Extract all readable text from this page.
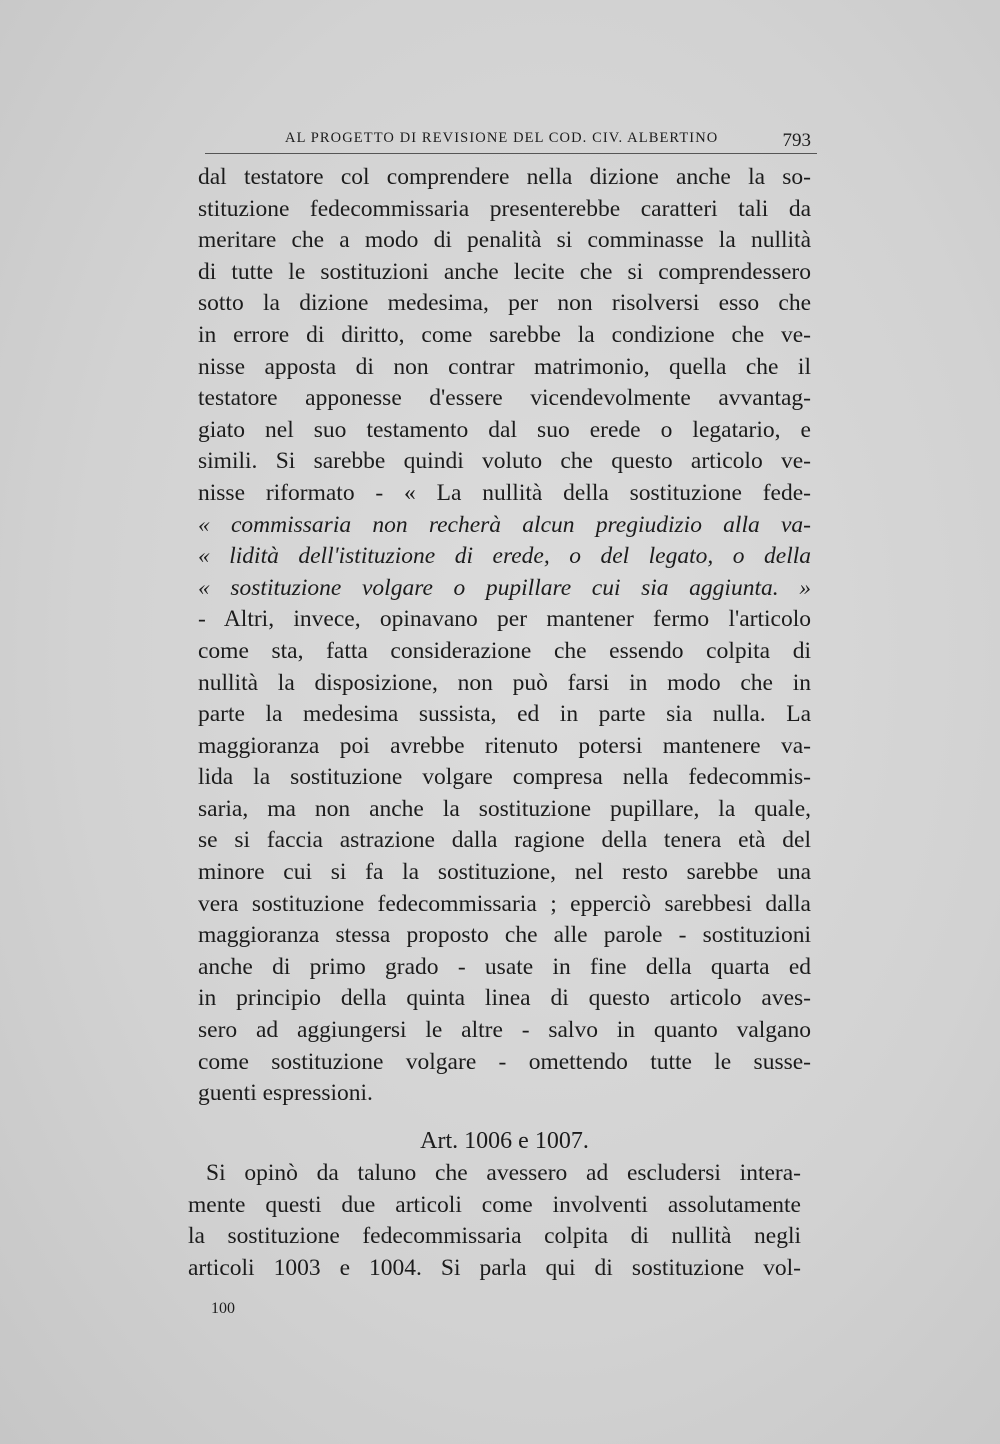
AL PROGETTO DI REVISIONE DEL COD. CIV. ALBERTINO	793
dal testatore col comprendere nella dizione anche la so-
stituzione fedecommissaria presenterebbe caratteri tali da
meritare che a modo di penalità si comminasse la nullità
di tutte le sostituzioni anche lecite che si comprendessero
sotto la dizione medesima, per non risolversi esso che
in errore di diritto, come sarebbe la condizione che ve-
nisse apposta di non contrar matrimonio, quella che il
testatore apponesse d'essere vicendevolmente avvantag-
giato nel suo testamento dal suo erede o legatario, e
simili. Si sarebbe quindi voluto che questo articolo ve-
nisse riformato - « La nullità della sostituzione fede-
« commissaria non recherà alcun pregiudizio alla va-
« lidità dell'istituzione di erede, o del legato, o della
« sostituzione volgare o pupillare cui sia aggiunta. »
- Altri, invece, opinavano per mantener fermo l'articolo
come sta, fatta considerazione che essendo colpita di
nullità la disposizione, non può farsi in modo che in
parte la medesima sussista, ed in parte sia nulla. La
maggioranza poi avrebbe ritenuto potersi mantenere va-
lida la sostituzione volgare compresa nella fedecommis-
saria, ma non anche la sostituzione pupillare, la quale,
se si faccia astrazione dalla ragione della tenera età del
minore cui si fa la sostituzione, nel resto sarebbe una
vera sostituzione fedecommissaria ; epperciò sarebbesi dalla
maggioranza stessa proposto che alle parole - sostituzioni
anche di primo grado - usate in fine della quarta ed
in principio della quinta linea di questo articolo aves-
sero ad aggiungersi le altre - salvo in quanto valgano
come sostituzione volgare - omettendo tutte le susse-
guenti espressioni.
Art. 1006 e 1007.
Si opinò da taluno che avessero ad escludersi intera-
mente questi due articoli come involventi assolutamente
la sostituzione fedecommissaria colpita di nullità negli
articoli 1003 e 1004. Si parla qui di sostituzione vol-
100
